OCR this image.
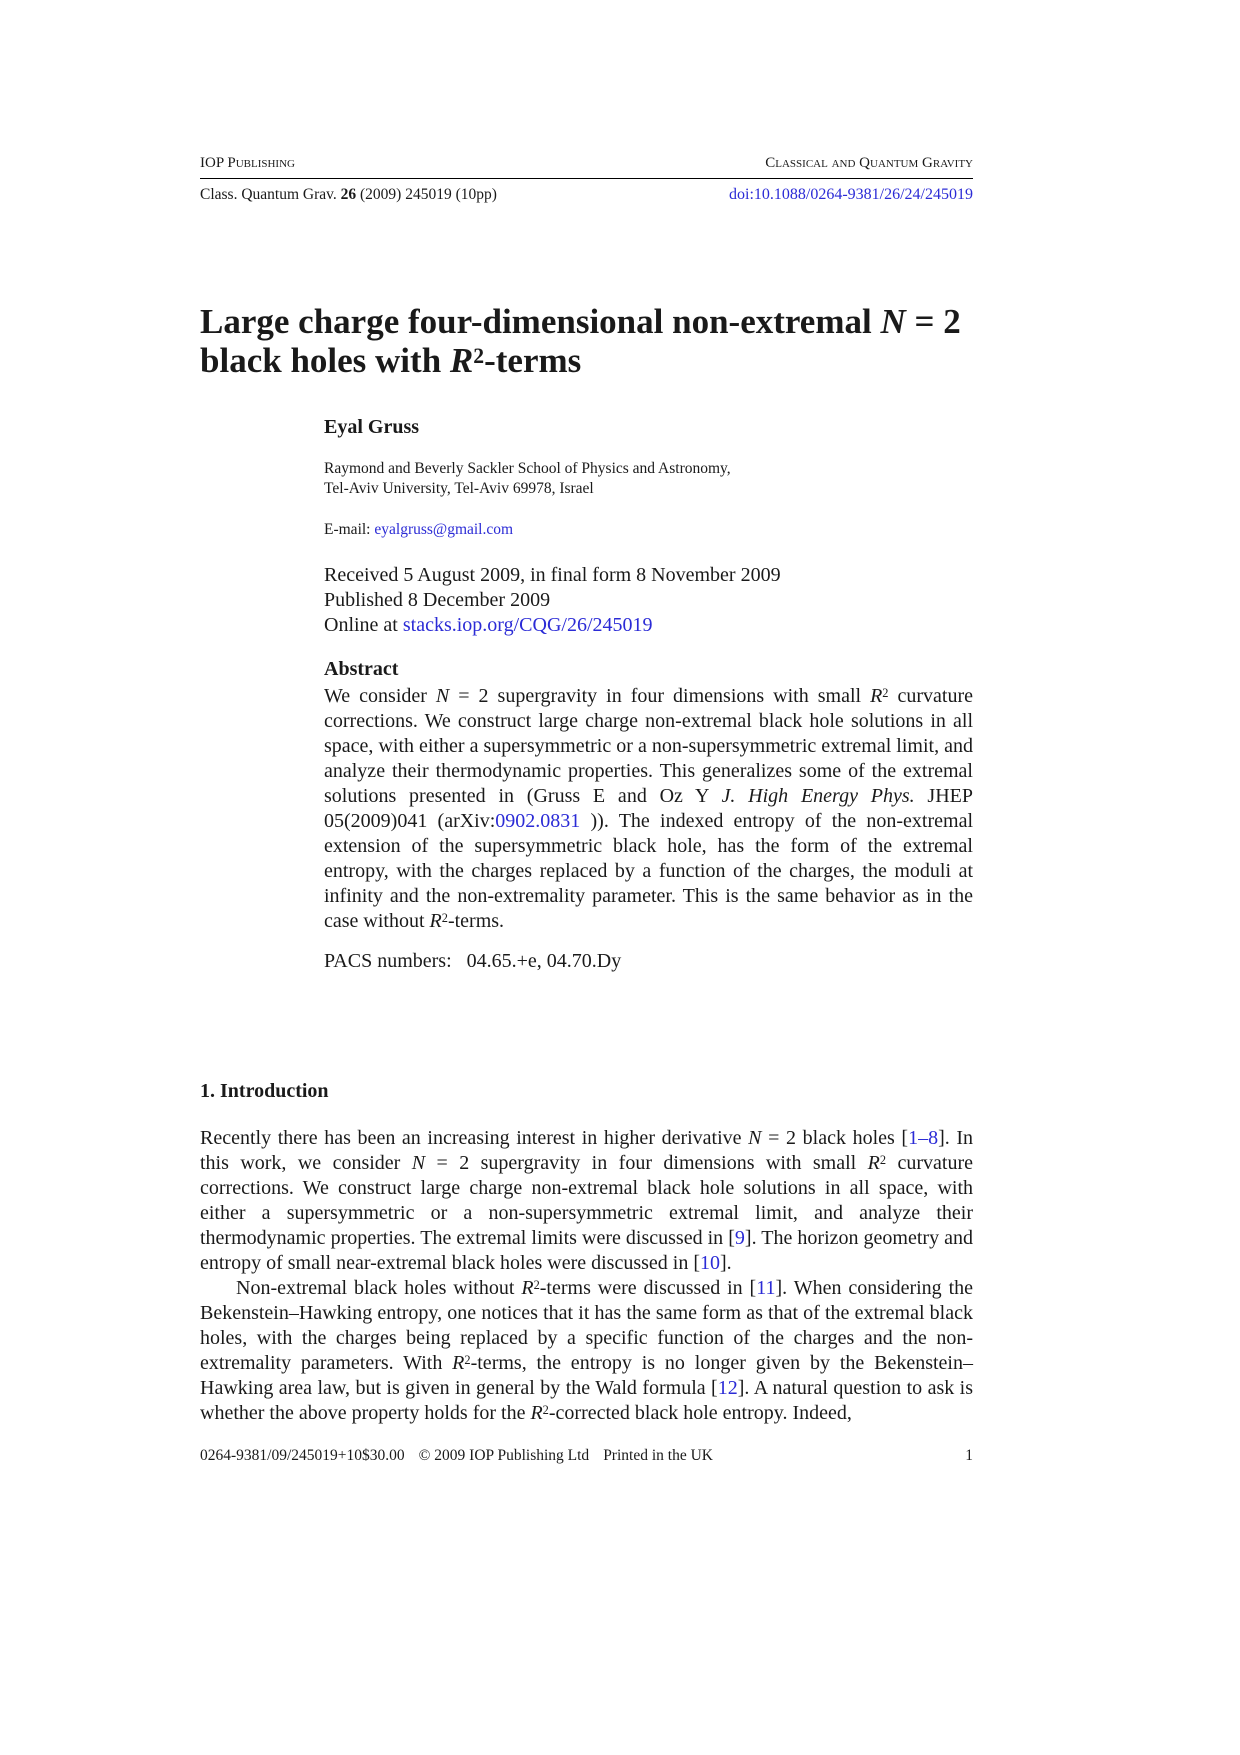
IOP Publishing	Classical and Quantum Gravity
Class. Quantum Grav. 26 (2009) 245019 (10pp)	doi:10.1088/0264-9381/26/24/245019
Large charge four-dimensional non-extremal N = 2
black holes with $R^2$-terms
Eyal Gruss
Raymond and Beverly Sackler School of Physics and Astronomy,
Tel-Aviv University, Tel-Aviv 69978, Israel
E-mail: eyalgruss@gmail.com
Received 5 August 2009, in final form 8 November 2009
Published 8 December 2009
Online at stacks.iop.org/CQG/26/245019
Abstract
We consider N = 2 supergravity in four dimensions with small $R^2$ curvature corrections. We construct large charge non-extremal black hole solutions in all space, with either a supersymmetric or a non-supersymmetric extremal limit, and analyze their thermodynamic properties. This generalizes some of the extremal solutions presented in (Gruss E and Oz Y J. High Energy Phys. JHEP 05(2009)041 (arXiv:0902.0831 )). The indexed entropy of the non-extremal extension of the supersymmetric black hole, has the form of the extremal entropy, with the charges replaced by a function of the charges, the moduli at infinity and the non-extremality parameter. This is the same behavior as in the case without $R^2$-terms.
PACS numbers:   04.65.+e, 04.70.Dy
1. Introduction

Recently there has been an increasing interest in higher derivative N = 2 black holes [1–8]. In this work, we consider N = 2 supergravity in four dimensions with small $R^2$ curvature corrections. We construct large charge non-extremal black hole solutions in all space, with either a supersymmetric or a non-supersymmetric extremal limit, and analyze their thermodynamic properties. The extremal limits were discussed in [9]. The horizon geometry and entropy of small near-extremal black holes were discussed in [10].

Non-extremal black holes without $R^2$-terms were discussed in [11]. When considering the Bekenstein–Hawking entropy, one notices that it has the same form as that of the extremal black holes, with the charges being replaced by a specific function of the charges and the non-extremality parameters. With $R^2$-terms, the entropy is no longer given by the Bekenstein–Hawking area law, but is given in general by the Wald formula [12]. A natural question to ask is whether the above property holds for the $R^2$-corrected black hole entropy. Indeed,

0264-9381/09/245019+10$30.00 © 2009 IOP Publishing Ltd Printed in the UK	1
